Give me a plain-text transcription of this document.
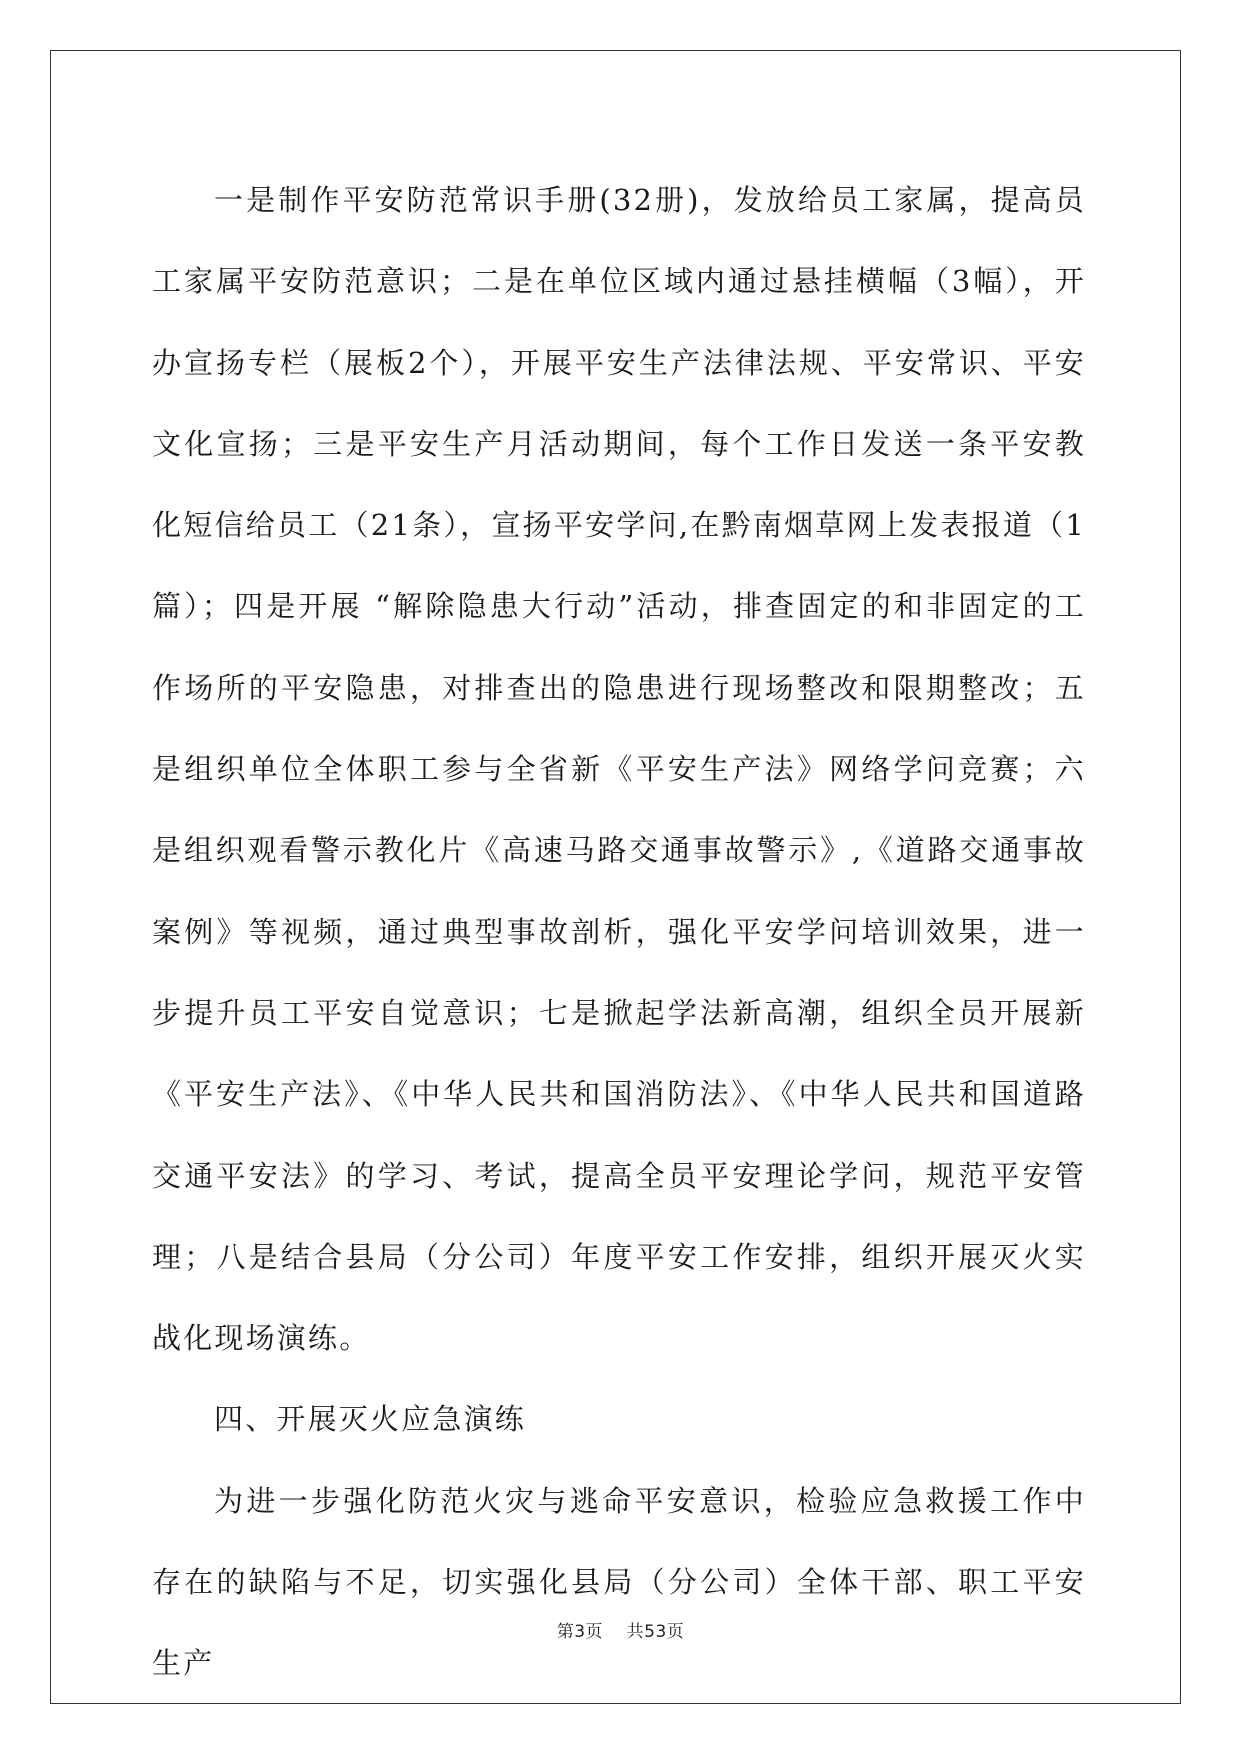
一是制作平安防范常识手册(32册)，发放给员工家属，提高员工家属平安防范意识；二是在单位区域内通过悬挂横幅（3幅），开办宣扬专栏（展板2个），开展平安生产法律法规、平安常识、平安文化宣扬；三是平安生产月活动期间，每个工作日发送一条平安教化短信给员工（21条），宣扬平安学问,在黔南烟草网上发表报道（1篇）；四是开展 “解除隐患大行动”活动，排查固定的和非固定的工作场所的平安隐患，对排查出的隐患进行现场整改和限期整改；五是组织单位全体职工参与全省新《平安生产法》网络学问竞赛；六是组织观看警示教化片《高速马路交通事故警示》,《道路交通事故案例》等视频，通过典型事故剖析，强化平安学问培训效果，进一步提升员工平安自觉意识；七是掀起学法新高潮，组织全员开展新《平安生产法》、《中华人民共和国消防法》、《中华人民共和国道路交通平安法》的学习、考试，提高全员平安理论学问，规范平安管理；八是结合县局（分公司）年度平安工作安排，组织开展灭火实战化现场演练。

四、开展灭火应急演练

为进一步强化防范火灾与逃命平安意识，检验应急救援工作中存在的缺陷与不足，切实强化县局（分公司）全体干部、职工平安生产

第3页 共53页
